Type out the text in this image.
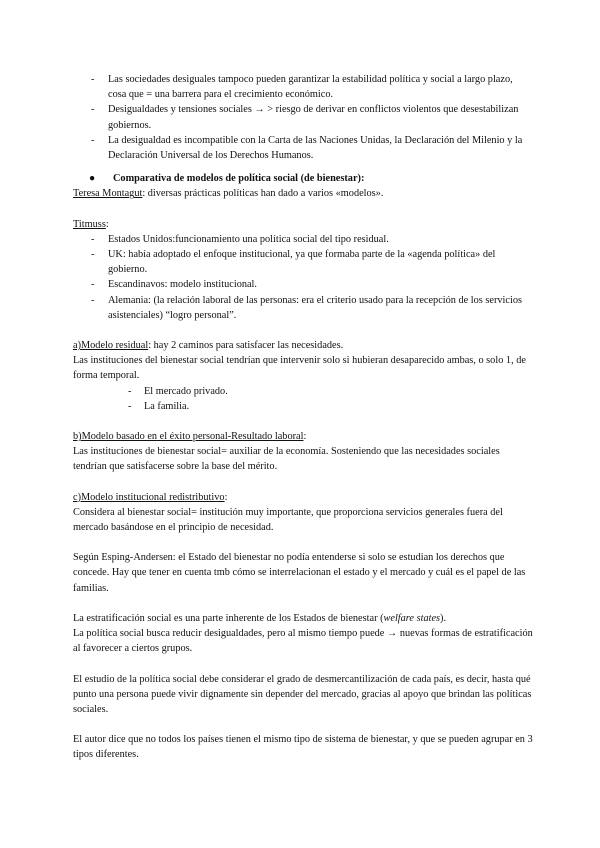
- Las sociedades desiguales tampoco pueden garantizar la estabilidad política y social a largo plazo, cosa que = una barrera para el crecimiento económico.
- Desigualdades y tensiones sociales → > riesgo de derivar en conflictos violentos que desestabilizan gobiernos.
- La desigualdad es incompatible con la Carta de las Naciones Unidas, la Declaración del Milenio y la Declaración Universal de los Derechos Humanos.
● Comparativa de modelos de política social (de bienestar):

Teresa Montagut: diversas prácticas políticas han dado a varios «modelos».

Titmuss:

- Estados Unidos:funcionamiento una política social del tipo residual.
- UK: había adoptado el enfoque institucional, ya que formaba parte de la «agenda política» del gobierno.
- Escandinavos: modelo institucional.
- Alemania: (la relación laboral de las personas: era el criterio usado para la recepción de los servicios asistenciales) “logro personal”.

a)Modelo residual: hay 2 caminos para satisfacer las necesidades.

Las instituciones del bienestar social tendrían que intervenir solo si hubieran desaparecido ambas, o solo 1, de forma temporal.

- El mercado privado.
- La familia.

b)Modelo basado en el éxito personal-Resultado laboral:

Las instituciones de bienestar social= auxiliar de la economía. Sosteniendo que las necesidades sociales tendrían que satisfacerse sobre la base del mérito.

c)Modelo institucional redistributivo:

Considera al bienestar social= institución muy importante, que proporciona servicios generales fuera del mercado basándose en el principio de necesidad.

Según Esping-Andersen: el Estado del bienestar no podía entenderse si solo se estudian los derechos que concede. Hay que tener en cuenta tmb cómo se interrelacionan el estado y el mercado y cuál es el papel de las familias.

La estratificación social es una parte inherente de los Estados de bienestar (welfare states).

La política social busca reducir desigualdades, pero al mismo tiempo puede → nuevas formas de estratificación al favorecer a ciertos grupos.

El estudio de la política social debe considerar el grado de desmercantilización de cada país, es decir, hasta qué punto una persona puede vivir dignamente sin depender del mercado, gracias al apoyo que brindan las políticas sociales.

El autor dice que no todos los países tienen el mismo tipo de sistema de bienestar, y que se pueden agrupar en 3 tipos diferentes.
